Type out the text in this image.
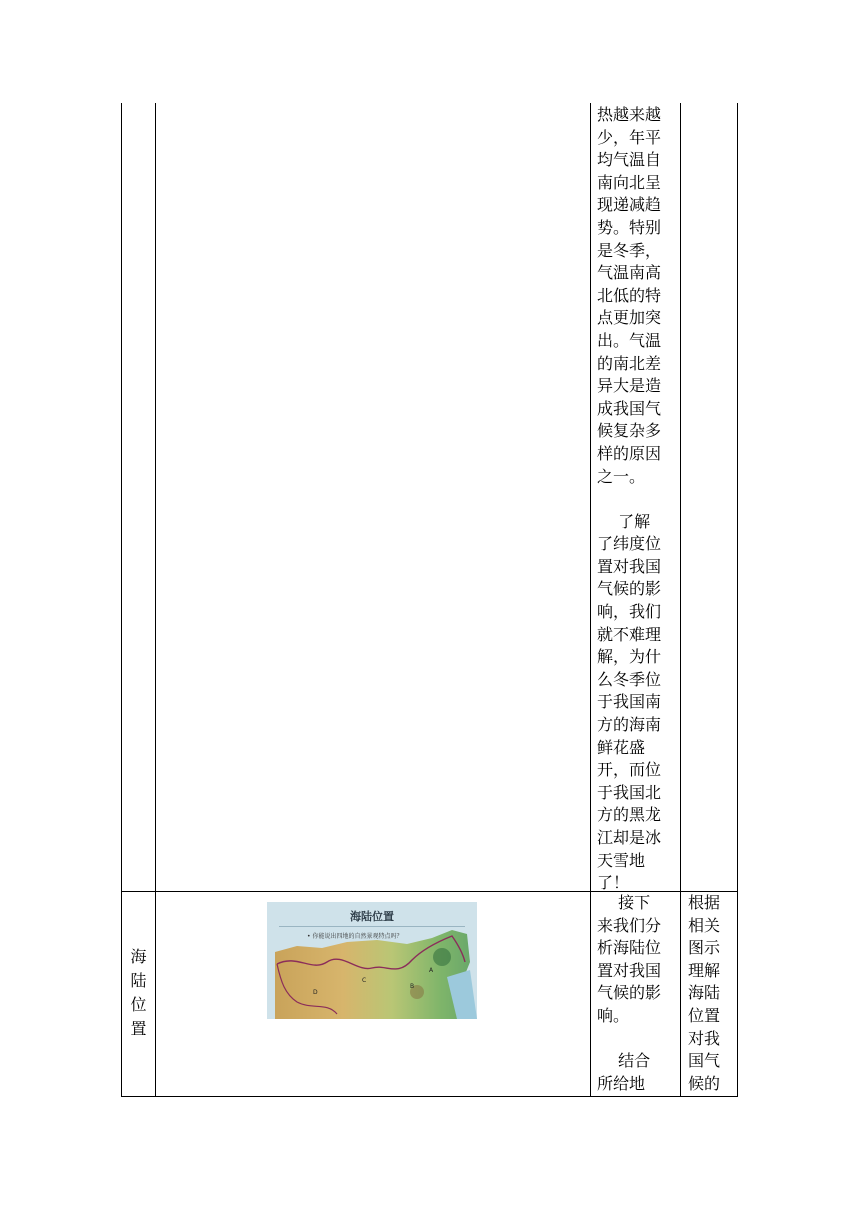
热越来越
少，年平
均气温自
南向北呈
现递减趋
势。特别
是冬季，
气温南高
北低的特
点更加突
出。气温
的南北差
异大是造
成我国气
候复杂多
样的原因
之一。
　 了解
了纬度位
置对我国
气候的影
响，我们
就不难理
解，为什
么冬季位
于我国南
方的海南
鲜花盛
开，而位
于我国北
方的黑龙
江却是冰
天雪地
了！
海
陆
位
置
海陆位置
• 你能说出四地的自然景观特点吗？
D
C
B
A
　 接下
来我们分
析海陆位
置对我国
气候的影
响。
　 结合
所给地
根据
相关
图示
理解
海陆
位置
对我
国气
候的
